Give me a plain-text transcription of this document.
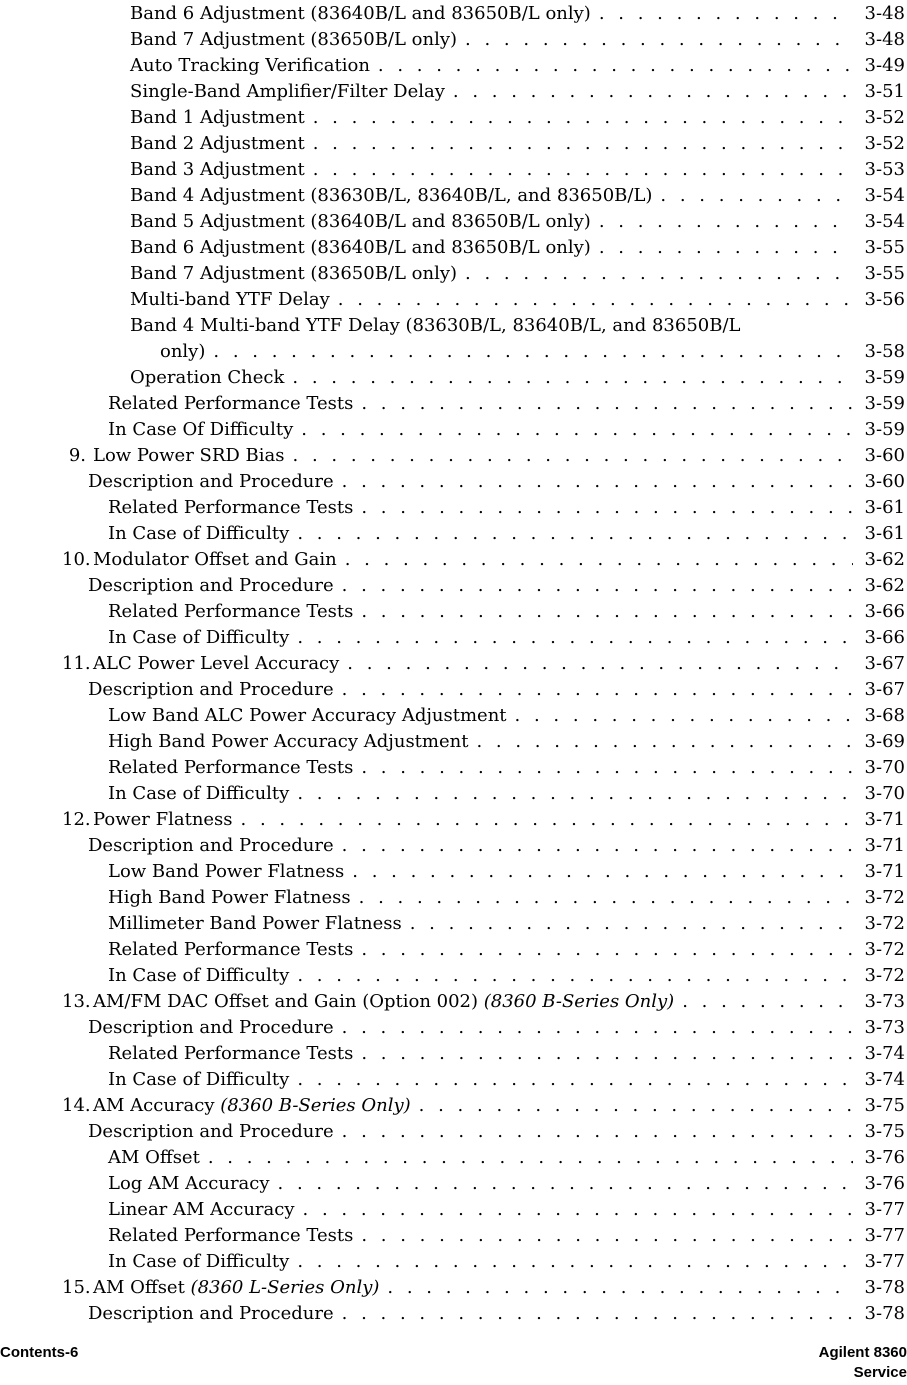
Band 6 Adjustment (83640B/L and 83650B/L only) . . .	3-48
Band 7 Adjustment (83650B/L only) . . .	3-48
Auto Tracking Verification . . .	3-49
Single-Band Amplifier/Filter Delay . . .	3-51
Band 1 Adjustment . . .	3-52
Band 2 Adjustment . . .	3-52
Band 3 Adjustment . . .	3-53
Band 4 Adjustment (83630B/L, 83640B/L, and 83650B/L) . . .	3-54
Band 5 Adjustment (83640B/L and 83650B/L only) . . .	3-54
Band 6 Adjustment (83640B/L and 83650B/L only) . . .	3-55
Band 7 Adjustment (83650B/L only) . . .	3-55
Multi-band YTF Delay . . .	3-56
Band 4 Multi-band YTF Delay (83630B/L, 83640B/L, and 83650B/L
only) . . .	3-58
Operation Check . . .	3-59
Related Performance Tests . . .	3-59
In Case Of Difficulty . . .	3-59
9. Low Power SRD Bias . . .	3-60
Description and Procedure . . .	3-60
Related Performance Tests . . .	3-61
In Case of Difficulty . . .	3-61
10. Modulator Offset and Gain . . .	3-62
Description and Procedure . . .	3-62
Related Performance Tests . . .	3-66
In Case of Difficulty . . .	3-66
11. ALC Power Level Accuracy . . .	3-67
Description and Procedure . . .	3-67
Low Band ALC Power Accuracy Adjustment . . .	3-68
High Band Power Accuracy Adjustment . . .	3-69
Related Performance Tests . . .	3-70
In Case of Difficulty . . .	3-70
12. Power Flatness . . .	3-71
Description and Procedure . . .	3-71
Low Band Power Flatness . . .	3-71
High Band Power Flatness . . .	3-72
Millimeter Band Power Flatness . . .	3-72
Related Performance Tests . . .	3-72
In Case of Difficulty . . .	3-72
13. AM/FM DAC Offset and Gain (Option 002) (8360 B-Series Only) . . .	3-73
Description and Procedure . . .	3-73
Related Performance Tests . . .	3-74
In Case of Difficulty . . .	3-74
14. AM Accuracy (8360 B-Series Only) . . .	3-75
Description and Procedure . . .	3-75
AM Offset . . .	3-76
Log AM Accuracy . . .	3-76
Linear AM Accuracy . . .	3-77
Related Performance Tests . . .	3-77
In Case of Difficulty . . .	3-77
15. AM Offset (8360 L-Series Only) . . .	3-78
Description and Procedure . . .	3-78
Contents-6	Agilent 8360
Service
